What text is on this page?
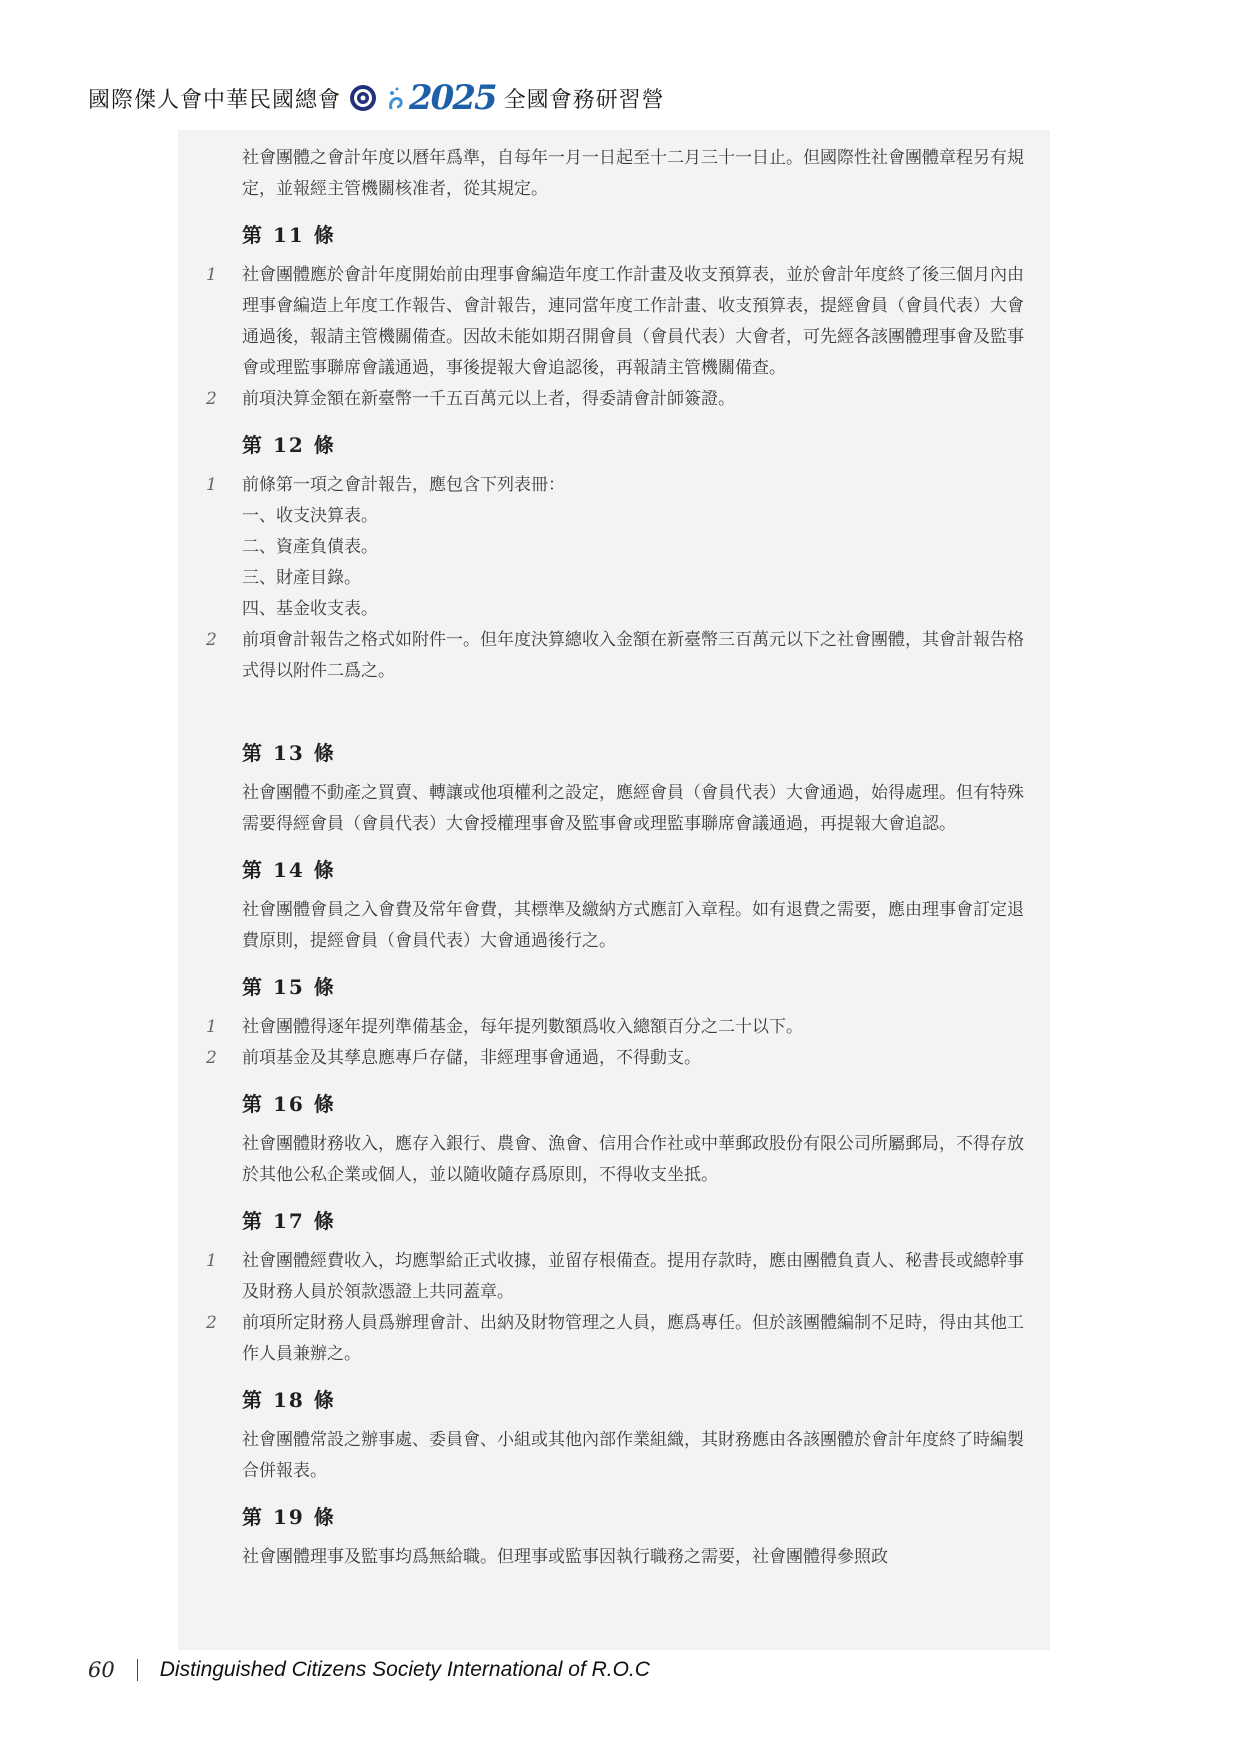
國際傑人會中華民國總會 2025 全國會務研習營

社會團體之會計年度以曆年爲準，自每年一月一日起至十二月三十一日止。但國際性社會團體章程另有規定，並報經主管機關核准者，從其規定。

第 11 條
1	社會團體應於會計年度開始前由理事會編造年度工作計畫及收支預算表，並於會計年度終了後三個月內由理事會編造上年度工作報告、會計報告，連同當年度工作計畫、收支預算表，提經會員（會員代表）大會通過後，報請主管機關備查。因故未能如期召開會員（會員代表）大會者，可先經各該團體理事會及監事會或理監事聯席會議通過，事後提報大會追認後，再報請主管機關備查。
2	前項決算金額在新臺幣一千五百萬元以上者，得委請會計師簽證。
第 12 條
1	前條第一項之會計報告，應包含下列表冊：
一、收支決算表。
二、資產負債表。
三、財產目錄。
四、基金收支表。
2	前項會計報告之格式如附件一。但年度決算總收入金額在新臺幣三百萬元以下之社會團體，其會計報告格式得以附件二爲之。
第 13 條

社會團體不動產之買賣、轉讓或他項權利之設定，應經會員（會員代表）大會通過，始得處理。但有特殊需要得經會員（會員代表）大會授權理事會及監事會或理監事聯席會議通過，再提報大會追認。

第 14 條

社會團體會員之入會費及常年會費，其標準及繳納方式應訂入章程。如有退費之需要，應由理事會訂定退費原則，提經會員（會員代表）大會通過後行之。

第 15 條
1	社會團體得逐年提列準備基金，每年提列數額爲收入總額百分之二十以下。
2	前項基金及其孳息應專戶存儲，非經理事會通過，不得動支。
第 16 條

社會團體財務收入，應存入銀行、農會、漁會、信用合作社或中華郵政股份有限公司所屬郵局，不得存放於其他公私企業或個人，並以隨收隨存爲原則，不得收支坐抵。

第 17 條
1	社會團體經費收入，均應掣給正式收據，並留存根備查。提用存款時，應由團體負責人、秘書長或總幹事及財務人員於領款憑證上共同蓋章。
2	前項所定財務人員爲辦理會計、出納及財物管理之人員，應爲專任。但於該團體編制不足時，得由其他工作人員兼辦之。
第 18 條

社會團體常設之辦事處、委員會、小組或其他內部作業組織，其財務應由各該團體於會計年度終了時編製合併報表。

第 19 條

社會團體理事及監事均爲無給職。但理事或監事因執行職務之需要，社會團體得參照政

60 Distinguished Citizens Society International of R.O.C
